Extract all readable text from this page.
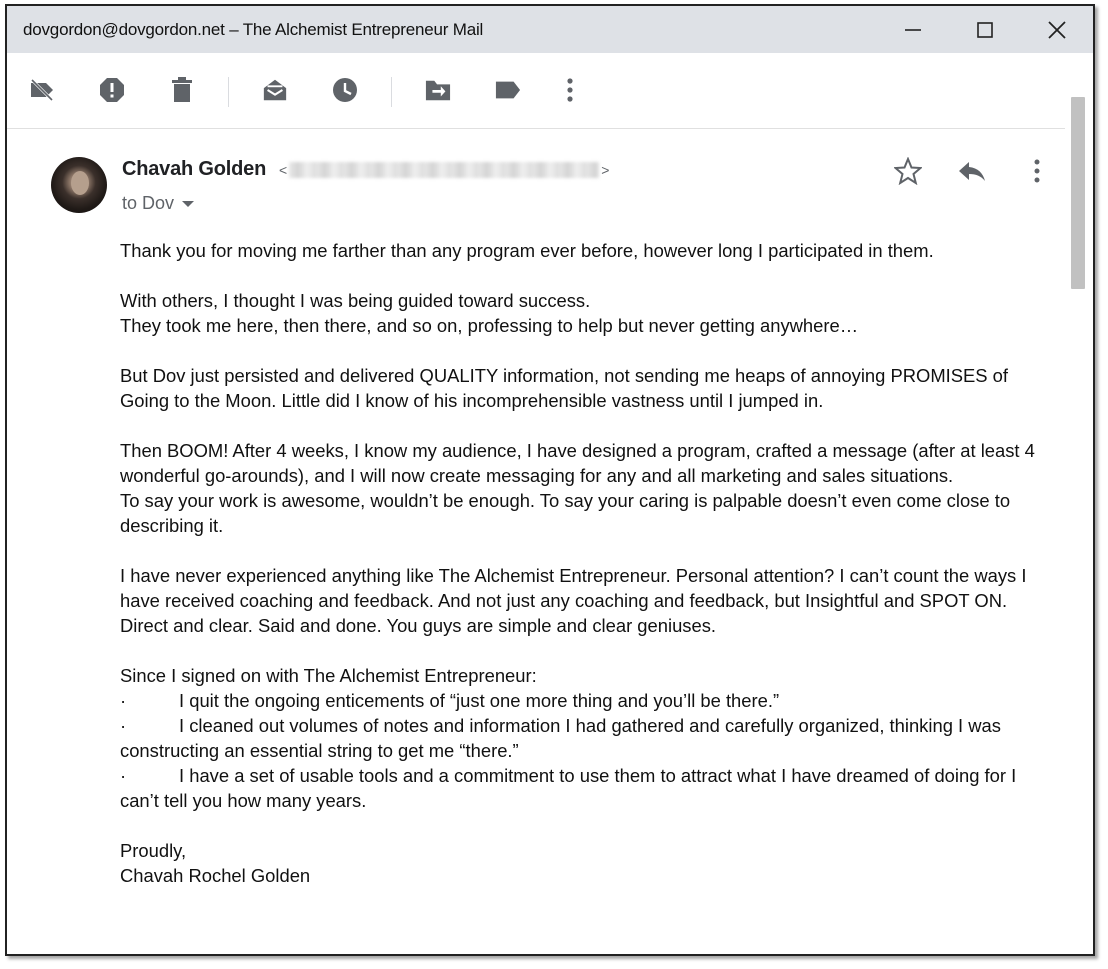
dovgordon@dovgordon.net – The Alchemist Entrepreneur Mail
Chavah Golden <	>
to Dov

Thank you for moving me farther than any program ever before, however long I participated in them.

With others, I thought I was being guided toward success.

They took me here, then there, and so on, professing to help but never getting anywhere…

But Dov just persisted and delivered QUALITY information, not sending me heaps of annoying PROMISES of Going to the Moon. Little did I know of his incomprehensible vastness until I jumped in.

Then BOOM! After 4 weeks, I know my audience, I have designed a program, crafted a message (after at least 4 wonderful go-arounds), and I will now create messaging for any and all marketing and sales situations.

To say your work is awesome, wouldn’t be enough. To say your caring is palpable doesn’t even come close to describing it.

I have never experienced anything like The Alchemist Entrepreneur. Personal attention? I can’t count the ways I have received coaching and feedback. And not just any coaching and feedback, but Insightful and SPOT ON. Direct and clear. Said and done. You guys are simple and clear geniuses.

Since I signed on with The Alchemist Entrepreneur:

·	I quit the ongoing enticements of “just one more thing and you’ll be there.”

·	I cleaned out volumes of notes and information I had gathered and carefully organized, thinking I was constructing an essential string to get me “there.”

·	I have a set of usable tools and a commitment to use them to attract what I have dreamed of doing for I can’t tell you how many years.

Proudly,

Chavah Rochel Golden
